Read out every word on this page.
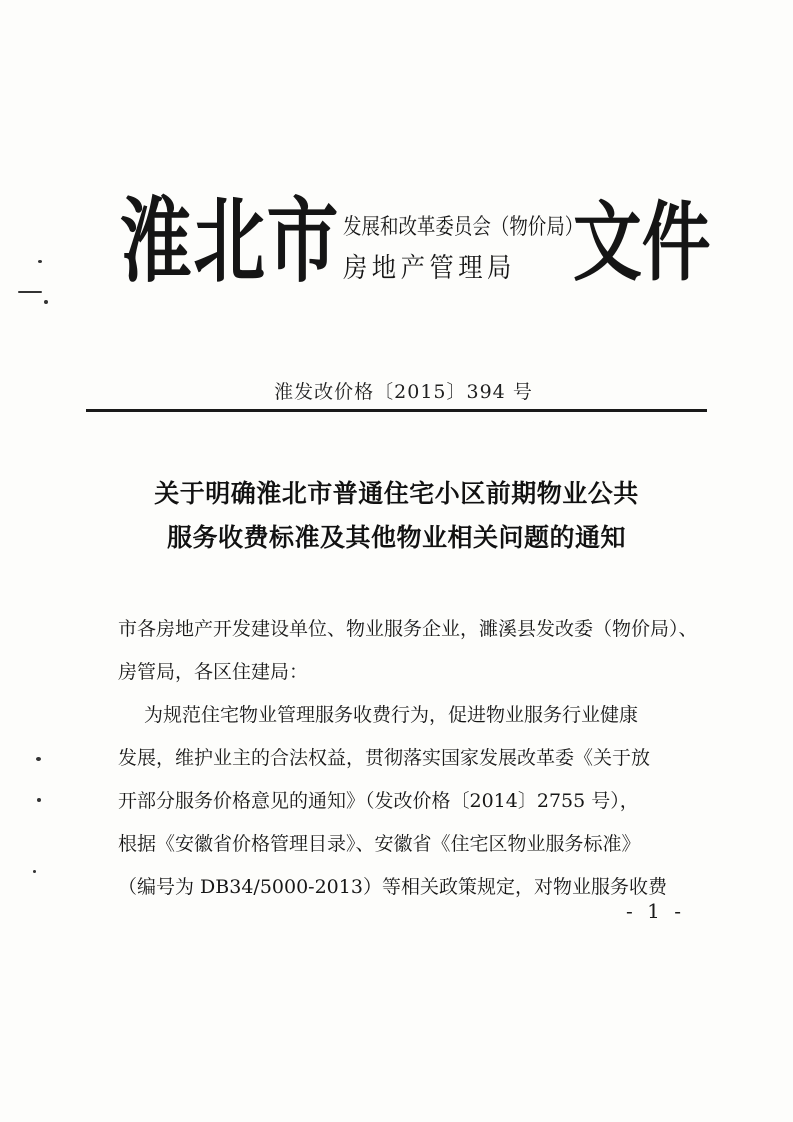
淮北市 发展和改革委员会（物价局）
房地产管理局 文件
淮发改价格〔2015〕394 号
关于明确淮北市普通住宅小区前期物业公共
服务收费标准及其他物业相关问题的通知
市各房地产开发建设单位、物业服务企业，濉溪县发改委（物价局）、
房管局，各区住建局：
为规范住宅物业管理服务收费行为，促进物业服务行业健康
发展，维护业主的合法权益，贯彻落实国家发展改革委《关于放
开部分服务价格意见的通知》（发改价格〔2014〕2755 号），
根据《安徽省价格管理目录》、安徽省《住宅区物业服务标准》
（编号为 DB34/5000-2013）等相关政策规定，对物业服务收费
- 1 -
